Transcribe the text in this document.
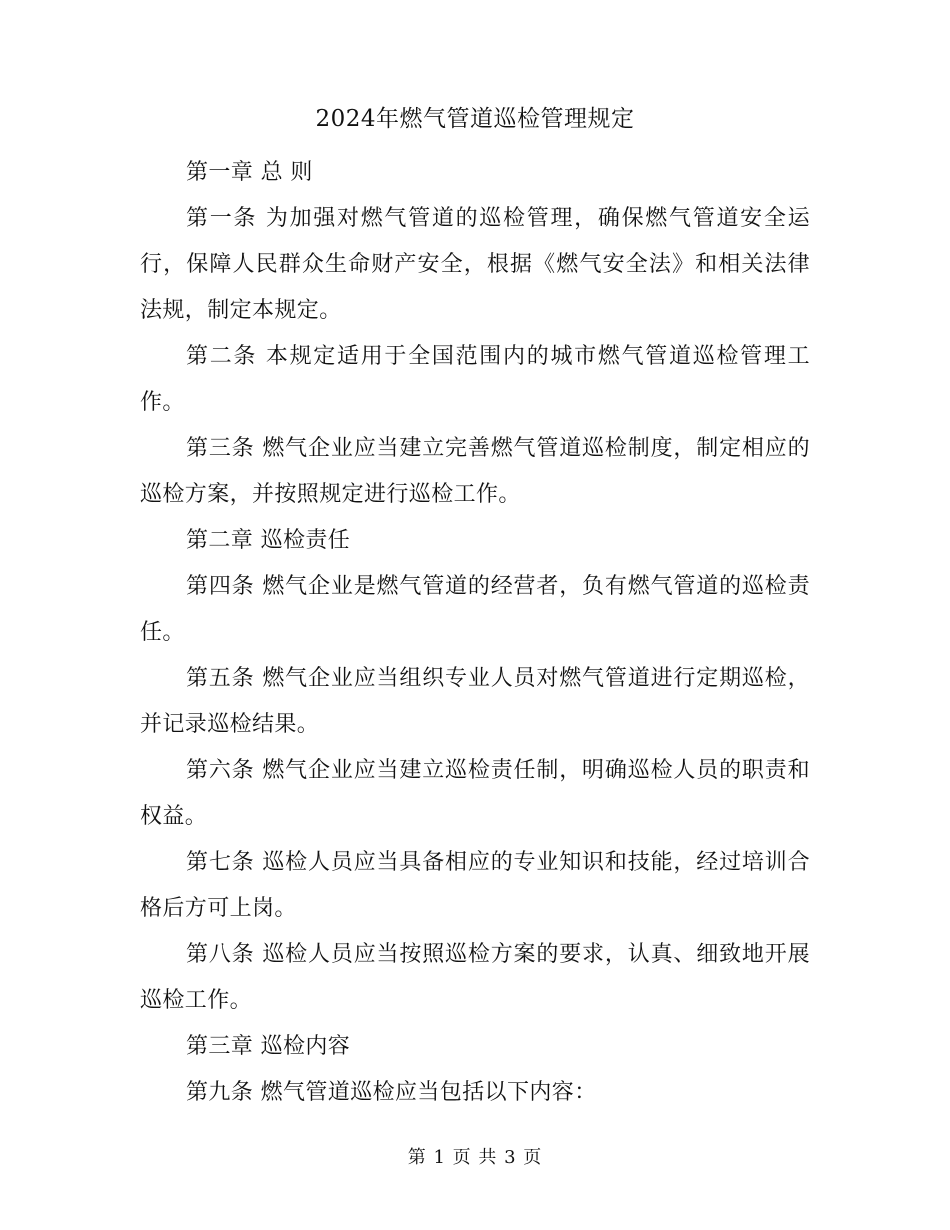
2024年燃气管道巡检管理规定

第一章 总 则

第一条 为加强对燃气管道的巡检管理，确保燃气管道安全运行，保障人民群众生命财产安全，根据《燃气安全法》和相关法律法规，制定本规定。

第二条 本规定适用于全国范围内的城市燃气管道巡检管理工作。

第三条 燃气企业应当建立完善燃气管道巡检制度，制定相应的巡检方案，并按照规定进行巡检工作。

第二章 巡检责任

第四条 燃气企业是燃气管道的经营者，负有燃气管道的巡检责任。

第五条 燃气企业应当组织专业人员对燃气管道进行定期巡检，并记录巡检结果。

第六条 燃气企业应当建立巡检责任制，明确巡检人员的职责和权益。

第七条 巡检人员应当具备相应的专业知识和技能，经过培训合格后方可上岗。

第八条 巡检人员应当按照巡检方案的要求，认真、细致地开展巡检工作。

第三章 巡检内容

第九条 燃气管道巡检应当包括以下内容：

第 1 页 共 3 页
